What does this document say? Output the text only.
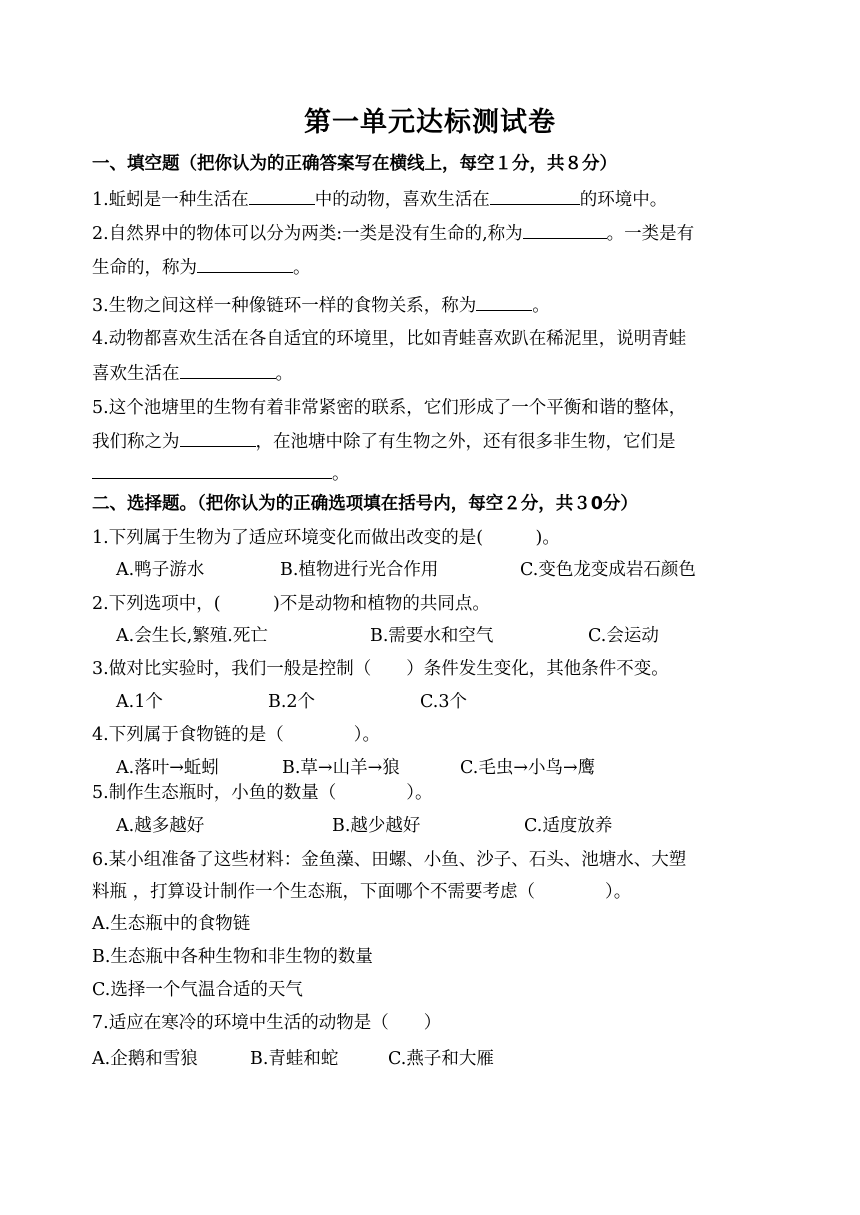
第一单元达标测试卷
一、填空题（把你认为的正确答案写在横线上，每空１分，共８分）
1.蚯蚓是一种生活在	中的动物，喜欢生活在	的环境中。
2.自然界中的物体可以分为两类:一类是没有生命的,称为	。一类是有
生命的，称为	。
3.生物之间这样一种像链环一样的食物关系，称为	。
4.动物都喜欢生活在各自适宜的环境里，比如青蛙喜欢趴在稀泥里，说明青蛙
喜欢生活在	。
5.这个池塘里的生物有着非常紧密的联系，它们形成了一个平衡和谐的整体，
我们称之为	，在池塘中除了有生物之外，还有很多非生物，它们是
。
二、选择题。（把你认为的正确选项填在括号内，每空２分，共３0分）
1.下列属于生物为了适应环境变化而做出改变的是(　　　)。
A.鸭子游水	B.植物进行光合作用	C.变色龙变成岩石颜色
2.下列选项中，(　　　)不是动物和植物的共同点。
A.会生长,繁殖.死亡	B.需要水和空气	C.会运动
3.做对比实验时，我们一般是控制（　　）条件发生变化，其他条件不变。
A.1个	B.2个	C.3个
4.下列属于食物链的是（　　　　）。
A.落叶→蚯蚓	B.草→山羊→狼	C.毛虫→小鸟→鹰
5.制作生态瓶时，小鱼的数量（　　　　）。
A.越多越好	B.越少越好	C.适度放养
6.某小组准备了这些材料：金鱼藻、田螺、小鱼、沙子、石头、池塘水、大塑
料瓶 ，打算设计制作一个生态瓶，下面哪个不需要考虑（　　　　）。
A.生态瓶中的食物链
B.生态瓶中各种生物和非生物的数量
C.选择一个气温合适的天气
7.适应在寒冷的环境中生活的动物是（　　）
A.企鹅和雪狼	B.青蛙和蛇	C.燕子和大雁
